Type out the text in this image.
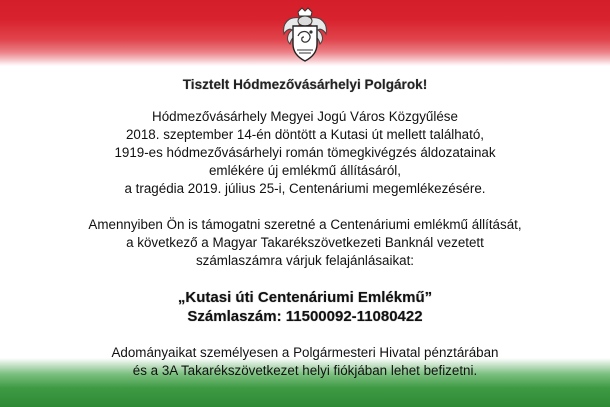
Tisztelt Hódmezővásárhelyi Polgárok!
Hódmezővásárhely Megyei Jogú Város Közgyűlése
2018. szeptember 14-én döntött a Kutasi út mellett található,
1919-es hódmezővásárhelyi román tömegkivégzés áldozatainak
emlékére új emlékmű állításáról,
a tragédia 2019. július 25-i, Centenáriumi megemlékezésére.
Amennyiben Ön is támogatni szeretné a Centenáriumi emlékmű állítását,
a következő a Magyar Takarékszövetkezeti Banknál vezetett
számlaszámra várjuk felajánlásaikat:
„Kutasi úti Centenáriumi Emlékmű”
Számlaszám: 11500092-11080422
Adományaikat személyesen a Polgármesteri Hivatal pénztárában
és a 3A Takarékszövetkezet helyi fiókjában lehet befizetni.
